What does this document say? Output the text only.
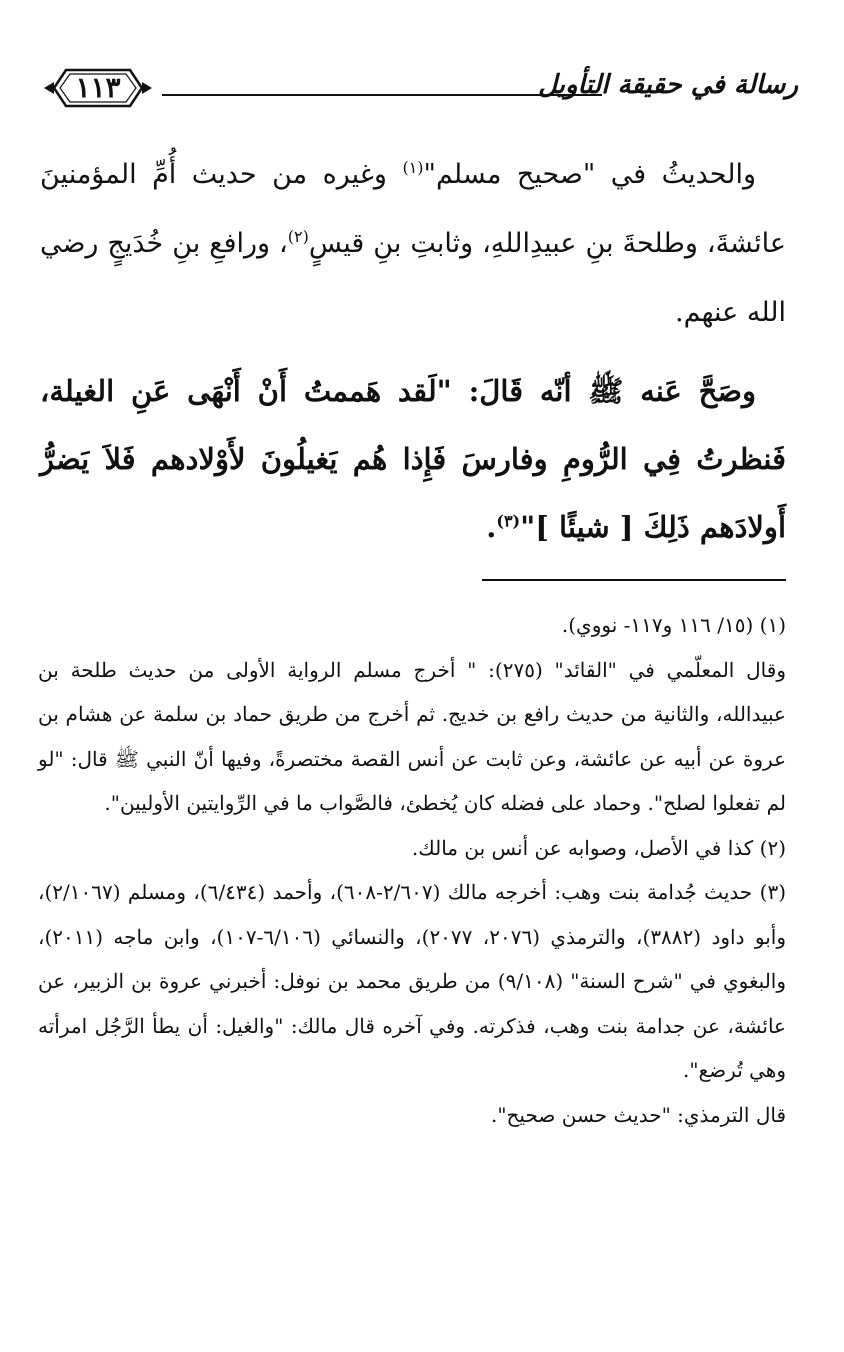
١١٣	رسالة في حقيقة التأويل

والحديثُ في "صحيح مسلم"$^{(١)}$ وغيره من حديث أُمِّ المؤمنينَ عائشةَ، وطلحةَ بنِ عبيدِاللهِ، وثابتِ بنِ قيسٍ$^{(٢)}$، ورافعِ بنِ خُدَيجٍ رضي الله عنهم.

وصَحَّ عَنه ﷺ أنّه قَالَ: "لَقد هَممتُ أَنْ أَنْهَى عَنِ الغيلة، فَنظرتُ فِي الرُّومِ وفارسَ فَإِذا هُم يَغيلُونَ لأَوْلادهم فَلاَ يَضرُّ أَولادَهم ذَلِكَ [ شيئًا ]"$^{(٣)}$.

(١) (١٥/ ١١٦ و١١٧- نووي).

وقال المعلّمي في "القائد" (٢٧٥): " أخرج مسلم الرواية الأولى من حديث طلحة بن عبيدالله، والثانية من حديث رافع بن خديج. ثم أخرج من طريق حماد بن سلمة عن هشام بن عروة عن أبيه عن عائشة، وعن ثابت عن أنس القصة مختصرةً، وفيها أنّ النبي ﷺ قال: "لو لم تفعلوا لصلح". وحماد على فضله كان يُخطئ، فالصَّواب ما في الرِّوايتين الأوليين".

(٢) كذا في الأصل، وصوابه عن أنس بن مالك.

(٣) حديث جُدامة بنت وهب: أخرجه مالك (٢/٦٠٧-٦٠٨)، وأحمد (٦/٤٣٤)، ومسلم (٢/١٠٦٧)، وأبو داود (٣٨٨٢)، والترمذي (٢٠٧٦، ٢٠٧٧)، والنسائي (٦/١٠٦-١٠٧)، وابن ماجه (٢٠١١)، والبغوي في "شرح السنة" (٩/١٠٨) من طريق محمد بن نوفل: أخبرني عروة بن الزبير، عن عائشة، عن جدامة بنت وهب، فذكرته. وفي آخره قال مالك: "والغيل: أن يطأ الرَّجُل امرأته وهي تُرضع".

قال الترمذي: "حديث حسن صحيح".
